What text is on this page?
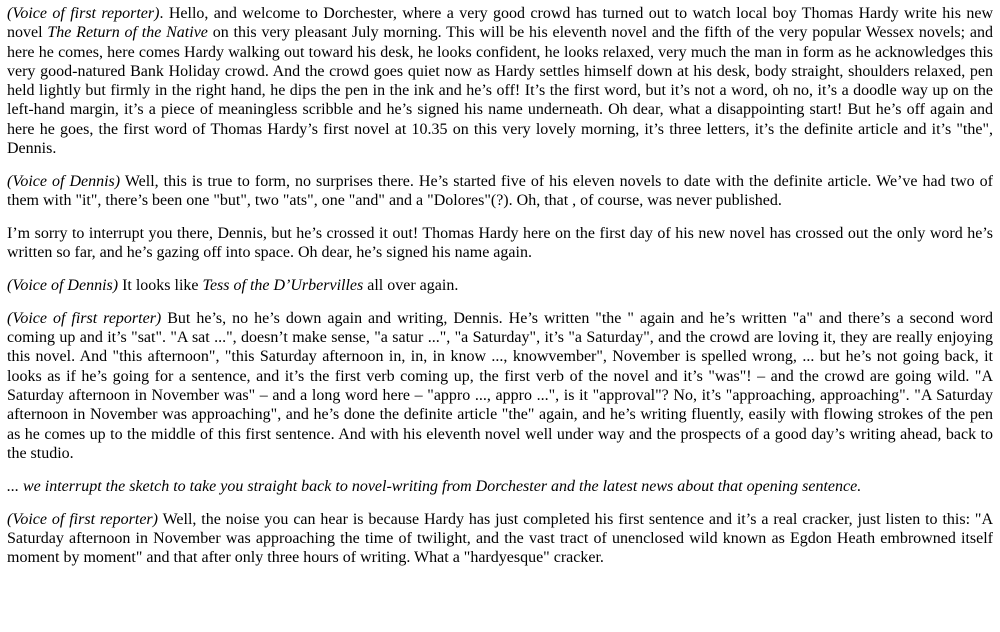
(Voice of first reporter). Hello, and welcome to Dorchester, where a very good crowd has turned out to watch local boy Thomas Hardy write his new novel The Return of the Native on this very pleasant July morning. This will be his eleventh novel and the fifth of the very popular Wessex novels; and here he comes, here comes Hardy walking out toward his desk, he looks confident, he looks relaxed, very much the man in form as he acknowledges this very good-natured Bank Holiday crowd. And the crowd goes quiet now as Hardy settles himself down at his desk, body straight, shoulders relaxed, pen held lightly but firmly in the right hand, he dips the pen in the ink and he’s off! It’s the first word, but it’s not a word, oh no, it’s a doodle way up on the left-hand margin, it’s a piece of meaningless scribble and he’s signed his name underneath. Oh dear, what a disappointing start! But he’s off again and here he goes, the first word of Thomas Hardy’s first novel at 10.35 on this very lovely morning, it’s three letters, it’s the definite article and it’s "the", Dennis.

(Voice of Dennis) Well, this is true to form, no surprises there. He’s started five of his eleven novels to date with the definite article. We’ve had two of them with "it", there’s been one "but", two "ats", one "and" and a "Dolores"(?). Oh, that , of course, was never published.

I’m sorry to interrupt you there, Dennis, but he’s crossed it out! Thomas Hardy here on the first day of his new novel has crossed out the only word he’s written so far, and he’s gazing off into space. Oh dear, he’s signed his name again.

(Voice of Dennis) It looks like Tess of the D’Urbervilles all over again.

(Voice of first reporter) But he’s, no he’s down again and writing, Dennis. He’s written "the " again and he’s written "a" and there’s a second word coming up and it’s "sat". "A sat ...", doesn’t make sense, "a satur ...", "a Saturday", it’s "a Saturday", and the crowd are loving it, they are really enjoying this novel. And "this afternoon", "this Saturday afternoon in, in, in know ..., knowvember", November is spelled wrong, ... but he’s not going back, it looks as if he’s going for a sentence, and it’s the first verb coming up, the first verb of the novel and it’s "was"! – and the crowd are going wild. "A Saturday afternoon in November was" – and a long word here – "appro ..., appro ...", is it "approval"? No, it’s "approaching, approaching". "A Saturday afternoon in November was approaching", and he’s done the definite article "the" again, and he’s writing fluently, easily with flowing strokes of the pen as he comes up to the middle of this first sentence. And with his eleventh novel well under way and the prospects of a good day’s writing ahead, back to the studio.

... we interrupt the sketch to take you straight back to novel-writing from Dorchester and the latest news about that opening sentence.

(Voice of first reporter) Well, the noise you can hear is because Hardy has just completed his first sentence and it’s a real cracker, just listen to this: "A Saturday afternoon in November was approaching the time of twilight, and the vast tract of unenclosed wild known as Egdon Heath embrowned itself moment by moment" and that after only three hours of writing. What a "hardyesque" cracker.
